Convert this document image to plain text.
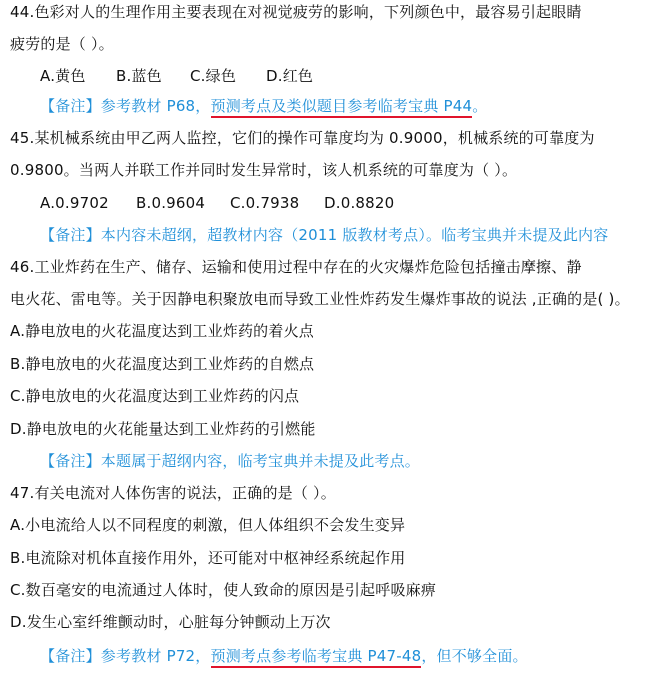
44.色彩对人的生理作用主要表现在对视觉疲劳的影响，下列颜色中，最容易引起眼睛
疲劳的是（ ）。
A.黄色 B.蓝色 C.绿色 D.红色
【备注】参考教材 P68，预测考点及类似题目参考临考宝典 P44。
45.某机械系统由甲乙两人监控，它们的操作可靠度均为 0.9000，机械系统的可靠度为
0.9800。当两人并联工作并同时发生异常时，该人机系统的可靠度为（ ）。
A.0.9702 B.0.9604 C.0.7938 D.0.8820
【备注】本内容未超纲，超教材内容（2011 版教材考点）。临考宝典并未提及此内容
46.工业炸药在生产、储存、运输和使用过程中存在的火灾爆炸危险包括撞击摩擦、静
电火花、雷电等。关于因静电积聚放电而导致工业性炸药发生爆炸事故的说法 ,正确的是( )。
A.静电放电的火花温度达到工业炸药的着火点
B.静电放电的火花温度达到工业炸药的自燃点
C.静电放电的火花温度达到工业炸药的闪点
D.静电放电的火花能量达到工业炸药的引燃能
【备注】本题属于超纲内容，临考宝典并未提及此考点。
47.有关电流对人体伤害的说法，正确的是（ ）。
A.小电流给人以不同程度的刺激，但人体组织不会发生变异
B.电流除对机体直接作用外，还可能对中枢神经系统起作用
C.数百毫安的电流通过人体时，使人致命的原因是引起呼吸麻痹
D.发生心室纤维颤动时，心脏每分钟颤动上万次
【备注】参考教材 P72，预测考点参考临考宝典 P47-48，但不够全面。
